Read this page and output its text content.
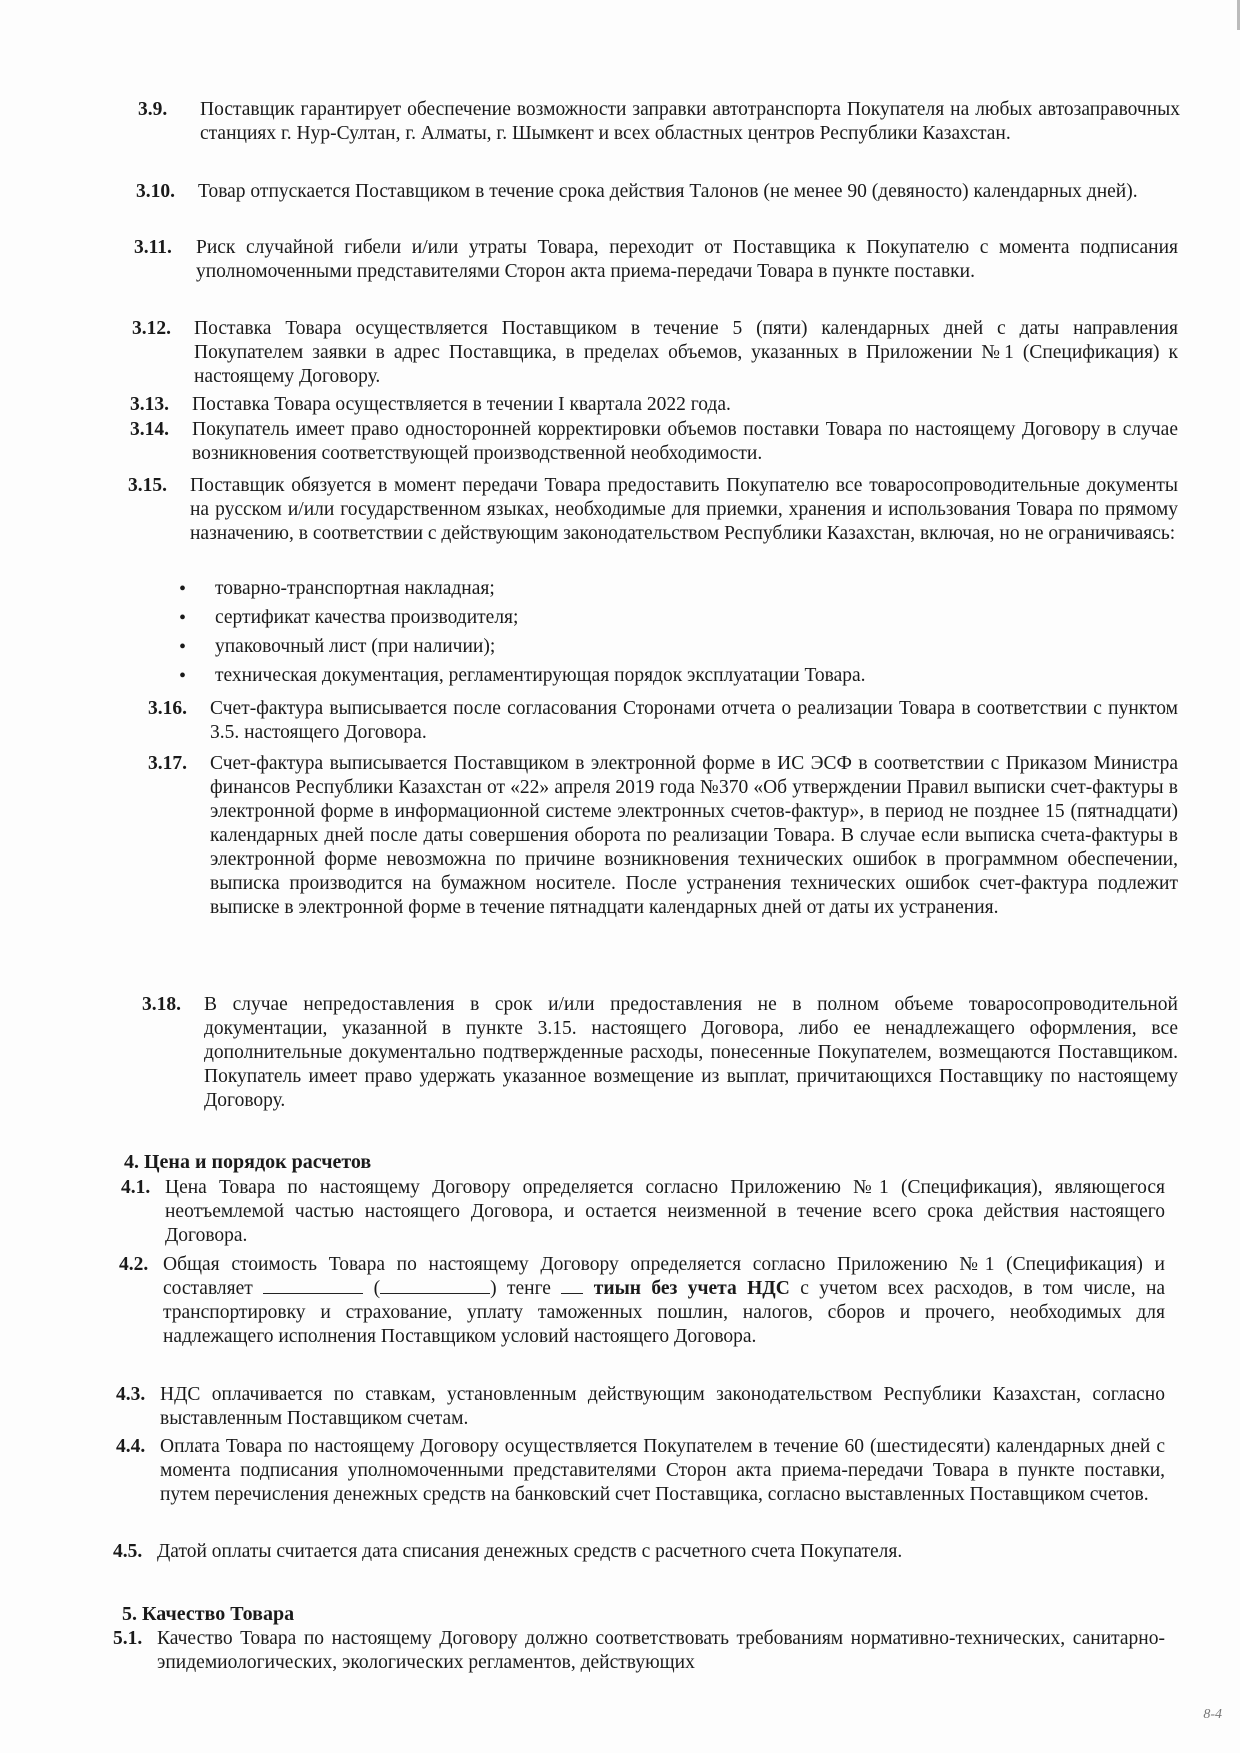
3.9. Поставщик гарантирует обеспечение возможности заправки автотранспорта Покупателя на любых автозаправочных станциях г. Нур-Султан, г. Алматы, г. Шымкент и всех областных центров Республики Казахстан.

3.10. Товар отпускается Поставщиком в течение срока действия Талонов (не менее 90 (девяносто) календарных дней).

3.11. Риск случайной гибели и/или утраты Товара, переходит от Поставщика к Покупателю с момента подписания уполномоченными представителями Сторон акта приема-передачи Товара в пункте поставки.

3.12. Поставка Товара осуществляется Поставщиком в течение 5 (пяти) календарных дней с даты направления Покупателем заявки в адрес Поставщика, в пределах объемов, указанных в Приложении №1 (Спецификация) к настоящему Договору.

3.13. Поставка Товара осуществляется в течении I квартала 2022 года.

3.14. Покупатель имеет право односторонней корректировки объемов поставки Товара по настоящему Договору в случае возникновения соответствующей производственной необходимости.

3.15. Поставщик обязуется в момент передачи Товара предоставить Покупателю все товаросопроводительные документы на русском и/или государственном языках, необходимые для приемки, хранения и использования Товара по прямому назначению, в соответствии с действующим законодательством Республики Казахстан, включая, но не ограничиваясь:

• товарно-транспортная накладная;
• сертификат качества производителя;
• упаковочный лист (при наличии);
• техническая документация, регламентирующая порядок эксплуатации Товара.
3.16. Счет-фактура выписывается после согласования Сторонами отчета о реализации Товара в соответствии с пунктом 3.5. настоящего Договора.

3.17. Счет-фактура выписывается Поставщиком в электронной форме в ИС ЭСФ в соответствии с Приказом Министра финансов Республики Казахстан от «22» апреля 2019 года №370 «Об утверждении Правил выписки счет-фактуры в электронной форме в информационной системе электронных счетов-фактур», в период не позднее 15 (пятнадцати) календарных дней после даты совершения оборота по реализации Товара. В случае если выписка счета-фактуры в электронной форме невозможна по причине возникновения технических ошибок в программном обеспечении, выписка производится на бумажном носителе. После устранения технических ошибок счет-фактура подлежит выписке в электронной форме в течение пятнадцати календарных дней от даты их устранения.

3.18. В случае непредоставления в срок и/или предоставления не в полном объеме товаросопроводительной документации, указанной в пункте 3.15. настоящего Договора, либо ее ненадлежащего оформления, все дополнительные документально подтвержденные расходы, понесенные Покупателем, возмещаются Поставщиком. Покупатель имеет право удержать указанное возмещение из выплат, причитающихся Поставщику по настоящему Договору.

4. Цена и порядок расчетов
4.1. Цена Товара по настоящему Договору определяется согласно Приложению №1 (Спецификация), являющегося неотъемлемой частью настоящего Договора, и остается неизменной в течение всего срока действия настоящего Договора.

4.2. Общая стоимость Товара по настоящему Договору определяется согласно Приложению №1 (Спецификация) и составляет	(	) тенге тиын без учета НДС с учетом всех расходов, в том числе, на транспортировку и страхование, уплату таможенных пошлин, налогов, сборов и прочего, необходимых для надлежащего исполнения Поставщиком условий настоящего Договора.

4.3. НДС оплачивается по ставкам, установленным действующим законодательством Республики Казахстан, согласно выставленным Поставщиком счетам.

4.4. Оплата Товара по настоящему Договору осуществляется Покупателем в течение 60 (шестидесяти) календарных дней с момента подписания уполномоченными представителями Сторон акта приема-передачи Товара в пункте поставки, путем перечисления денежных средств на банковский счет Поставщика, согласно выставленных Поставщиком счетов.

4.5. Датой оплаты считается дата списания денежных средств с расчетного счета Покупателя.

5. Качество Товара
5.1. Качество Товара по настоящему Договору должно соответствовать требованиям нормативно-технических, санитарно-эпидемиологических, экологических регламентов, действующих

8-4
